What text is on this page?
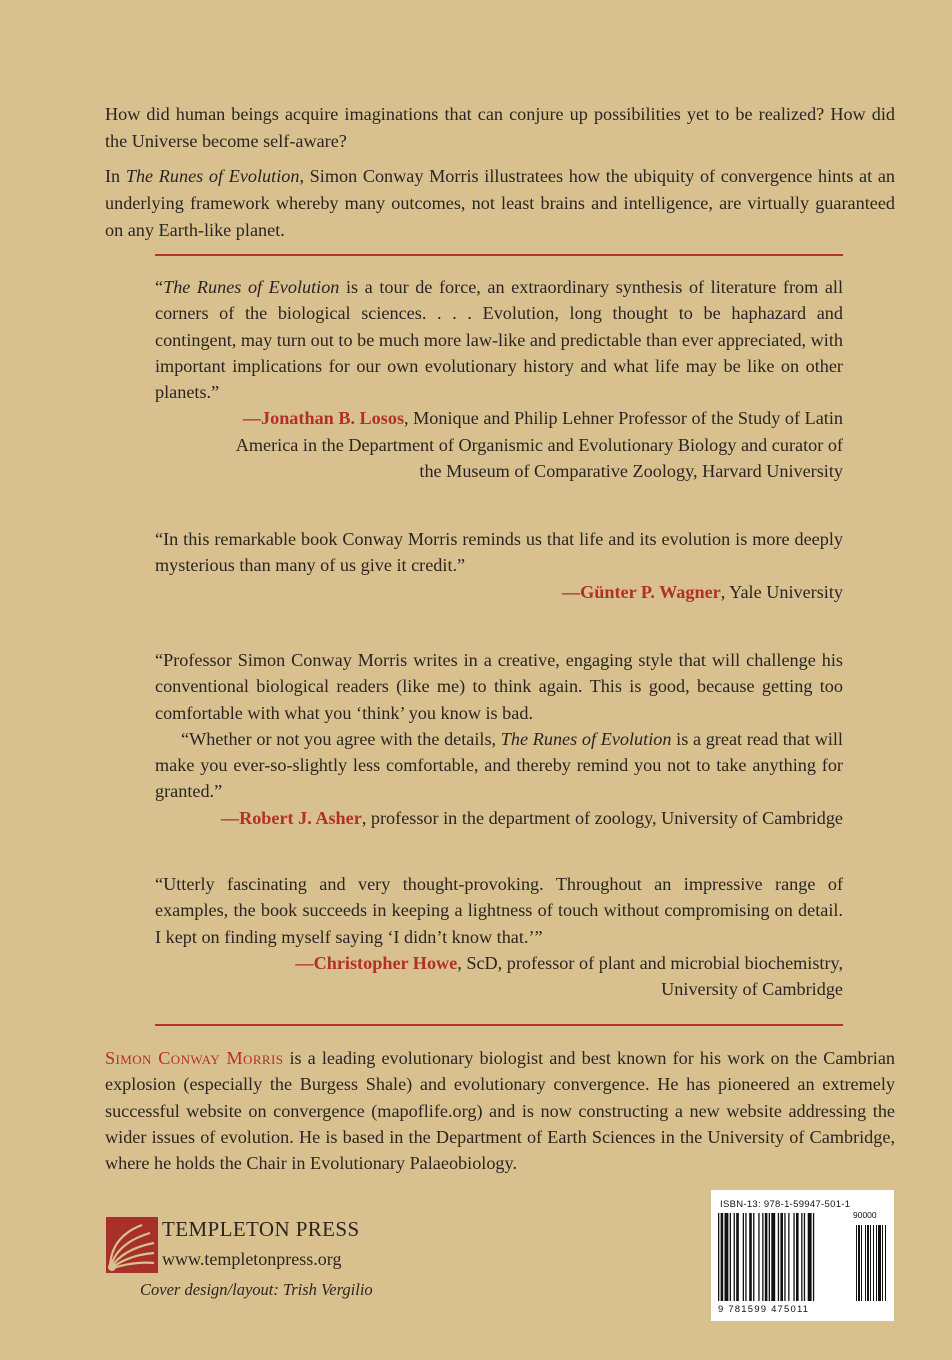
How did human beings acquire imaginations that can conjure up possibilities yet to be realized? How did the Universe become self-aware?

In The Runes of Evolution, Simon Conway Morris illustratees how the ubiquity of convergence hints at an underlying framework whereby many outcomes, not least brains and intelligence, are virtually guaranteed on any Earth-like planet.

“The Runes of Evolution is a tour de force, an extraordinary synthesis of literature from all corners of the biological sciences. . . . Evolution, long thought to be haphazard and contingent, may turn out to be much more law-like and predictable than ever appreciated, with important implications for our own evolutionary history and what life may be like on other planets.”

—Jonathan B. Losos, Monique and Philip Lehner Professor of the Study of Latin America in the Department of Organismic and Evolutionary Biology and curator of the Museum of Comparative Zoology, Harvard University

“In this remarkable book Conway Morris reminds us that life and its evolution is more deeply mysterious than many of us give it credit.”

—Günter P. Wagner, Yale University

“Professor Simon Conway Morris writes in a creative, engaging style that will challenge his conventional biological readers (like me) to think again. This is good, because getting too comfortable with what you ‘think’ you know is bad.

“Whether or not you agree with the details, The Runes of Evolution is a great read that will make you ever-so-slightly less comfortable, and thereby remind you not to take anything for granted.”

—Robert J. Asher, professor in the department of zoology, University of Cambridge

“Utterly fascinating and very thought-provoking. Throughout an impressive range of examples, the book succeeds in keeping a lightness of touch without compromising on detail. I kept on finding myself saying ‘I didn’t know that.’”

—Christopher Howe, ScD, professor of plant and microbial biochemistry,
University of Cambridge
Simon Conway Morris is a leading evolutionary biologist and best known for his work on the Cambrian explosion (especially the Burgess Shale) and evolutionary convergence. He has pioneered an extremely successful website on convergence (mapoflife.org) and is now constructing a new website addressing the wider issues of evolution. He is based in the Department of Earth Sciences in the University of Cambridge, where he holds the Chair in Evolutionary Palaeobiology.
TEMPLETON PRESS
www.templetonpress.org
Cover design/layout: Trish Vergilio
ISBN-13: 978-1-59947-501-1
90000
9 781599 475011
